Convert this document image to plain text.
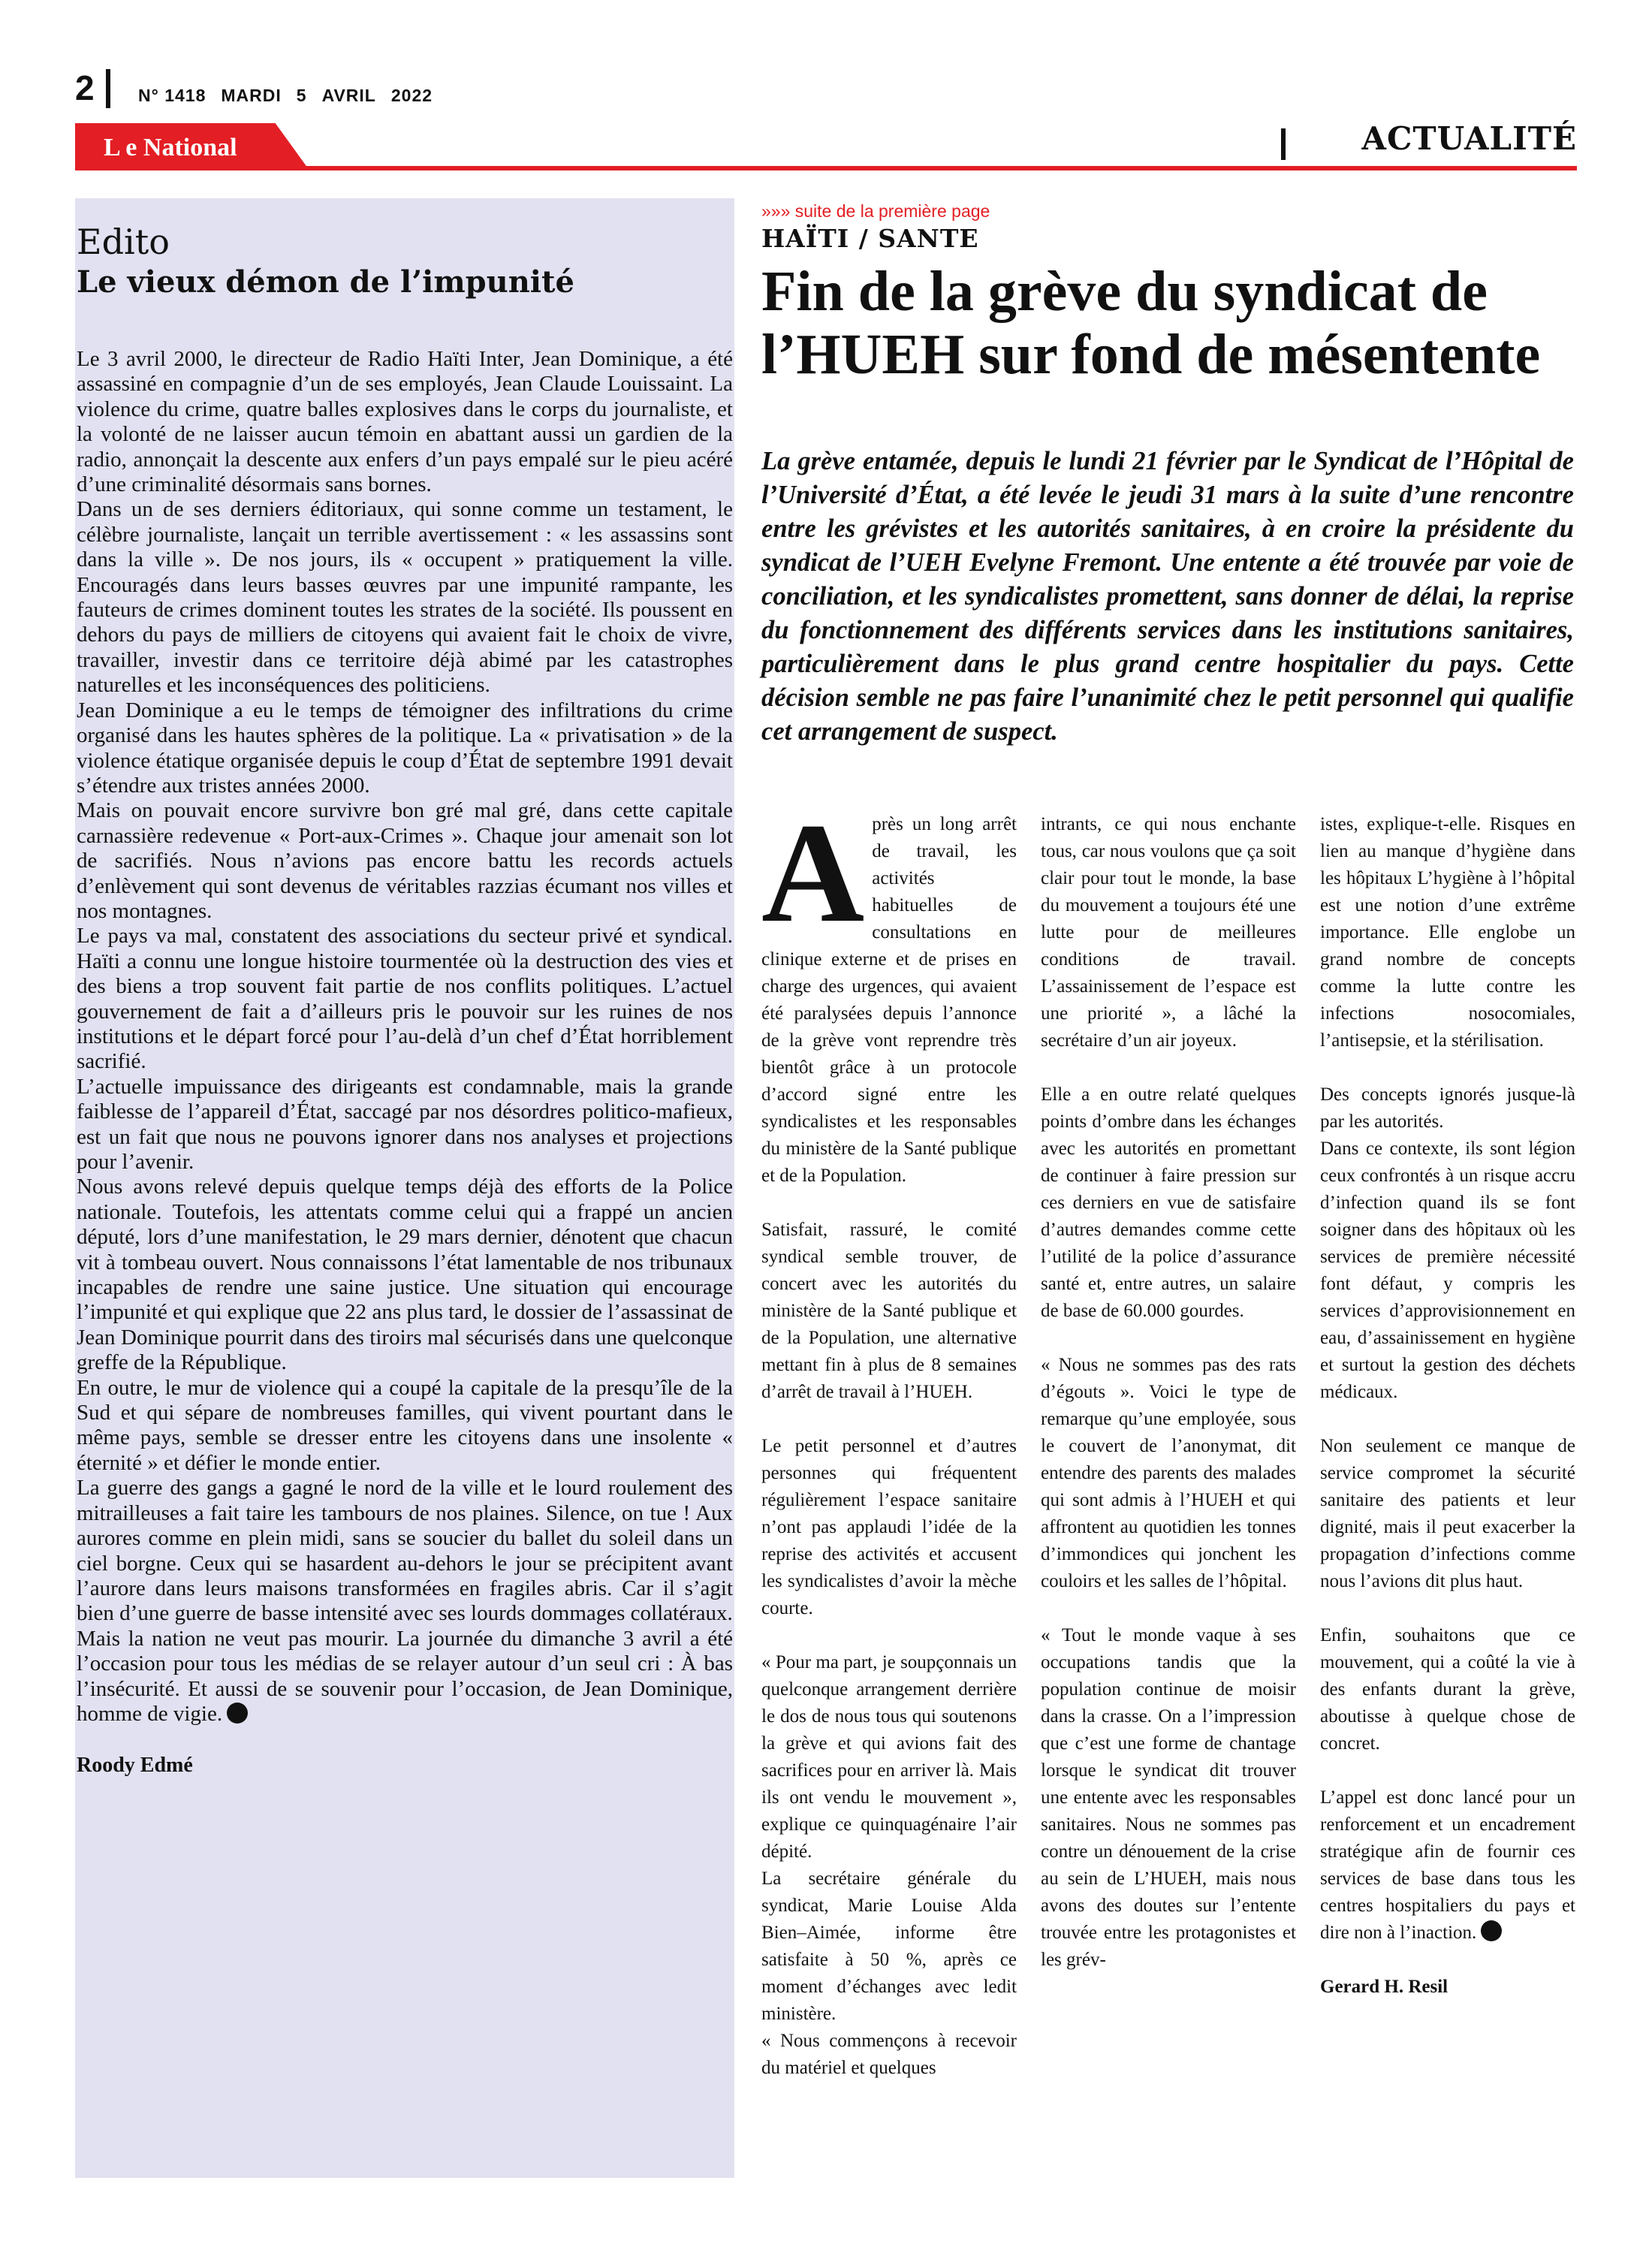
2	N° 1418 MARDI 5 AVRIL 2022
L e National	ACTUALITÉ
Edito
Le vieux démon de l’impunité

Le 3 avril 2000, le directeur de Radio Haïti Inter, Jean Dominique, a été assassiné en compagnie d’un de ses employés, Jean Claude Louissaint. La violence du crime, quatre balles explosives dans le corps du journaliste, et la volonté de ne laisser aucun témoin en abattant aussi un gardien de la radio, annonçait la descente aux enfers d’un pays empalé sur le pieu acéré d’une criminalité désormais sans bornes.

Dans un de ses derniers éditoriaux, qui sonne comme un testament, le célèbre journaliste, lançait un terrible avertissement : « les assassins sont dans la ville ». De nos jours, ils « occupent » pratiquement la ville. Encouragés dans leurs basses œuvres par une impunité rampante, les fauteurs de crimes dominent toutes les strates de la société. Ils poussent en dehors du pays de milliers de citoyens qui avaient fait le choix de vivre, travailler, investir dans ce territoire déjà abimé par les catastrophes naturelles et les inconséquences des politiciens.

Jean Dominique a eu le temps de témoigner des infiltrations du crime organisé dans les hautes sphères de la politique. La « privatisation » de la violence étatique organisée depuis le coup d’État de septembre 1991 devait s’étendre aux tristes années 2000.

Mais on pouvait encore survivre bon gré mal gré, dans cette capitale carnassière redevenue « Port-aux-Crimes ». Chaque jour amenait son lot de sacrifiés. Nous n’avions pas encore battu les records actuels d’enlèvement qui sont devenus de véritables razzias écumant nos villes et nos montagnes.

Le pays va mal, constatent des associations du secteur privé et syndical. Haïti a connu une longue histoire tourmentée où la destruction des vies et des biens a trop souvent fait partie de nos conflits politiques. L’actuel gouvernement de fait a d’ailleurs pris le pouvoir sur les ruines de nos institutions et le départ forcé pour l’au-delà d’un chef d’État horriblement sacrifié.

L’actuelle impuissance des dirigeants est condamnable, mais la grande faiblesse de l’appareil d’État, saccagé par nos désordres politico-mafieux, est un fait que nous ne pouvons ignorer dans nos analyses et projections pour l’avenir.

Nous avons relevé depuis quelque temps déjà des efforts de la Police nationale. Toutefois, les attentats comme celui qui a frappé un ancien député, lors d’une manifestation, le 29 mars dernier, dénotent que chacun vit à tombeau ouvert. Nous connaissons l’état lamentable de nos tribunaux incapables de rendre une saine justice. Une situation qui encourage l’impunité et qui explique que 22 ans plus tard, le dossier de l’assassinat de Jean Dominique pourrit dans des tiroirs mal sécurisés dans une quelconque greffe de la République.

En outre, le mur de violence qui a coupé la capitale de la presqu’île de la Sud et qui sépare de nombreuses familles, qui vivent pourtant dans le même pays, semble se dresser entre les citoyens dans une insolente « éternité » et défier le monde entier.

La guerre des gangs a gagné le nord de la ville et le lourd roulement des mitrailleuses a fait taire les tambours de nos plaines. Silence, on tue ! Aux aurores comme en plein midi, sans se soucier du ballet du soleil dans un ciel borgne. Ceux qui se hasardent au-dehors le jour se précipitent avant l’aurore dans leurs maisons transformées en fragiles abris. Car il s’agit bien d’une guerre de basse intensité avec ses lourds dommages collatéraux.

Mais la nation ne veut pas mourir. La journée du dimanche 3 avril a été l’occasion pour tous les médias de se relayer autour d’un seul cri : À bas l’insécurité. Et aussi de se souvenir pour l’occasion, de Jean Dominique, homme de vigie.

Roody Edmé
»»» suite de la première page
HAÏTI / SANTE
Fin de la grève du syndicat de l’HUEH sur fond de mésentente

La grève entamée, depuis le lundi 21 février par le Syndicat de l’Hôpital de l’Université d’État, a été levée le jeudi 31 mars à la suite d’une rencontre entre les grévistes et les autorités sanitaires, à en croire la présidente du syndicat de l’UEH Evelyne Fremont. Une entente a été trouvée par voie de conciliation, et les syndicalistes promettent, sans donner de délai, la reprise du fonctionnement des différents services dans les institutions sanitaires, particulièrement dans le plus grand centre hospitalier du pays. Cette décision semble ne pas faire l’unanimité chez le petit personnel qui qualifie cet arrangement de suspect.

Après un long arrêt de travail, les activités habituelles de consultations en clinique externe et de prises en charge des urgences, qui avaient été paralysées depuis l’annonce de la grève vont reprendre très bientôt grâce à un protocole d’accord signé entre les syndicalistes et les responsables du ministère de la Santé publique et de la Population.

Satisfait, rassuré, le comité syndical semble trouver, de concert avec les autorités du ministère de la Santé publique et de la Population, une alternative mettant fin à plus de 8 semaines d’arrêt de travail à l’HUEH.

Le petit personnel et d’autres personnes qui fréquentent régulièrement l’espace sanitaire n’ont pas applaudi l’idée de la reprise des activités et accusent les syndicalistes d’avoir la mèche courte.

« Pour ma part, je soupçonnais un quelconque arrangement derrière le dos de nous tous qui soutenons la grève et qui avions fait des sacrifices pour en arriver là. Mais ils ont vendu le mouvement », explique ce quinquagénaire l’air dépité.

La secrétaire générale du syndicat, Marie Louise Alda Bien–Aimée, informe être satisfaite à 50 %, après ce moment d’échanges avec ledit ministère.

« Nous commençons à recevoir du matériel et quelques

intrants, ce qui nous enchante tous, car nous voulons que ça soit clair pour tout le monde, la base du mouvement a toujours été une lutte pour de meilleures conditions de travail. L’assainissement de l’espace est une priorité », a lâché la secrétaire d’un air joyeux.

Elle a en outre relaté quelques points d’ombre dans les échanges avec les autorités en promettant de continuer à faire pression sur ces derniers en vue de satisfaire d’autres demandes comme cette l’utilité de la police d’assurance santé et, entre autres, un salaire de base de 60.000 gourdes.

« Nous ne sommes pas des rats d’égouts ». Voici le type de remarque qu’une employée, sous le couvert de l’anonymat, dit entendre des parents des malades qui sont admis à l’HUEH et qui affrontent au quotidien les tonnes d’immondices qui jonchent les couloirs et les salles de l’hôpital.

« Tout le monde vaque à ses occupations tandis que la population continue de moisir dans la crasse. On a l’impression que c’est une forme de chantage lorsque le syndicat dit trouver une entente avec les responsables sanitaires. Nous ne sommes pas contre un dénouement de la crise au sein de L’HUEH, mais nous avons des doutes sur l’entente trouvée entre les protagonistes et les grév-

istes, explique-t-elle. Risques en lien au manque d’hygiène dans les hôpitaux L’hygiène à l’hôpital est une notion d’une extrême importance. Elle englobe un grand nombre de concepts comme la lutte contre les infections nosocomiales, l’antisepsie, et la stérilisation.

Des concepts ignorés jusque-là par les autorités.

Dans ce contexte, ils sont légion ceux confrontés à un risque accru d’infection quand ils se font soigner dans des hôpitaux où les services de première nécessité font défaut, y compris les services d’approvisionnement en eau, d’assainissement en hygiène et surtout la gestion des déchets médicaux.

Non seulement ce manque de service compromet la sécurité sanitaire des patients et leur dignité, mais il peut exacerber la propagation d’infections comme nous l’avions dit plus haut.

Enfin, souhaitons que ce mouvement, qui a coûté la vie à des enfants durant la grève, aboutisse à quelque chose de concret.

L’appel est donc lancé pour un renforcement et un encadrement stratégique afin de fournir ces services de base dans tous les centres hospitaliers du pays et dire non à l’inaction.

Gerard H. Resil
